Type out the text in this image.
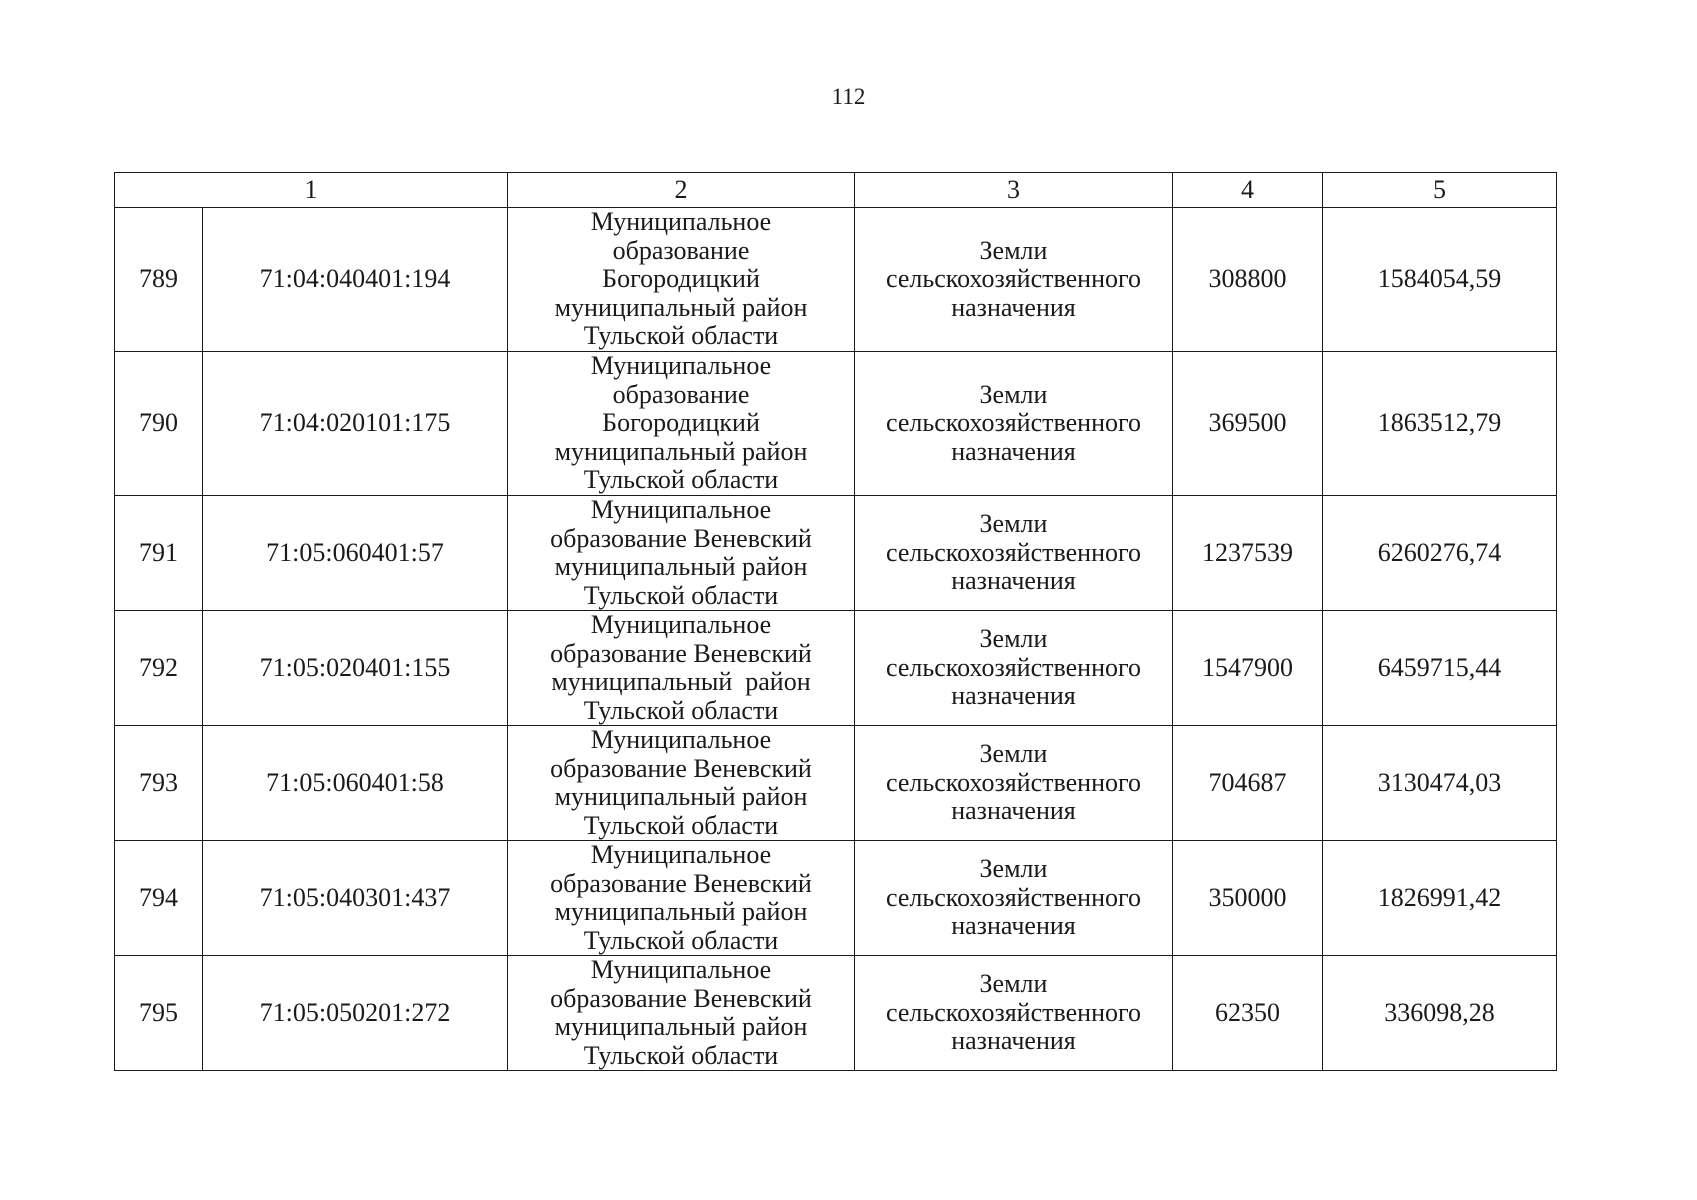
112
1		2	3	4	5
789	71:04:040401:194	Муниципальное
образование
Богородицкий
муниципальный район
Тульской области	Земли
сельскохозяйственного
назначения	308800	1584054,59
790	71:04:020101:175	Муниципальное
образование
Богородицкий
муниципальный район
Тульской области	Земли
сельскохозяйственного
назначения	369500	1863512,79
791	71:05:060401:57	Муниципальное
образование Веневский
муниципальный район
Тульской области	Земли
сельскохозяйственного
назначения	1237539	6260276,74
792	71:05:020401:155	Муниципальное
образование Веневский
муниципальный  район
Тульской области	Земли
сельскохозяйственного
назначения	1547900	6459715,44
793	71:05:060401:58	Муниципальное
образование Веневский
муниципальный район
Тульской области	Земли
сельскохозяйственного
назначения	704687	3130474,03
794	71:05:040301:437	Муниципальное
образование Веневский
муниципальный район
Тульской области	Земли
сельскохозяйственного
назначения	350000	1826991,42
795	71:05:050201:272	Муниципальное
образование Веневский
муниципальный район
Тульской области	Земли
сельскохозяйственного
назначения	62350	336098,28
